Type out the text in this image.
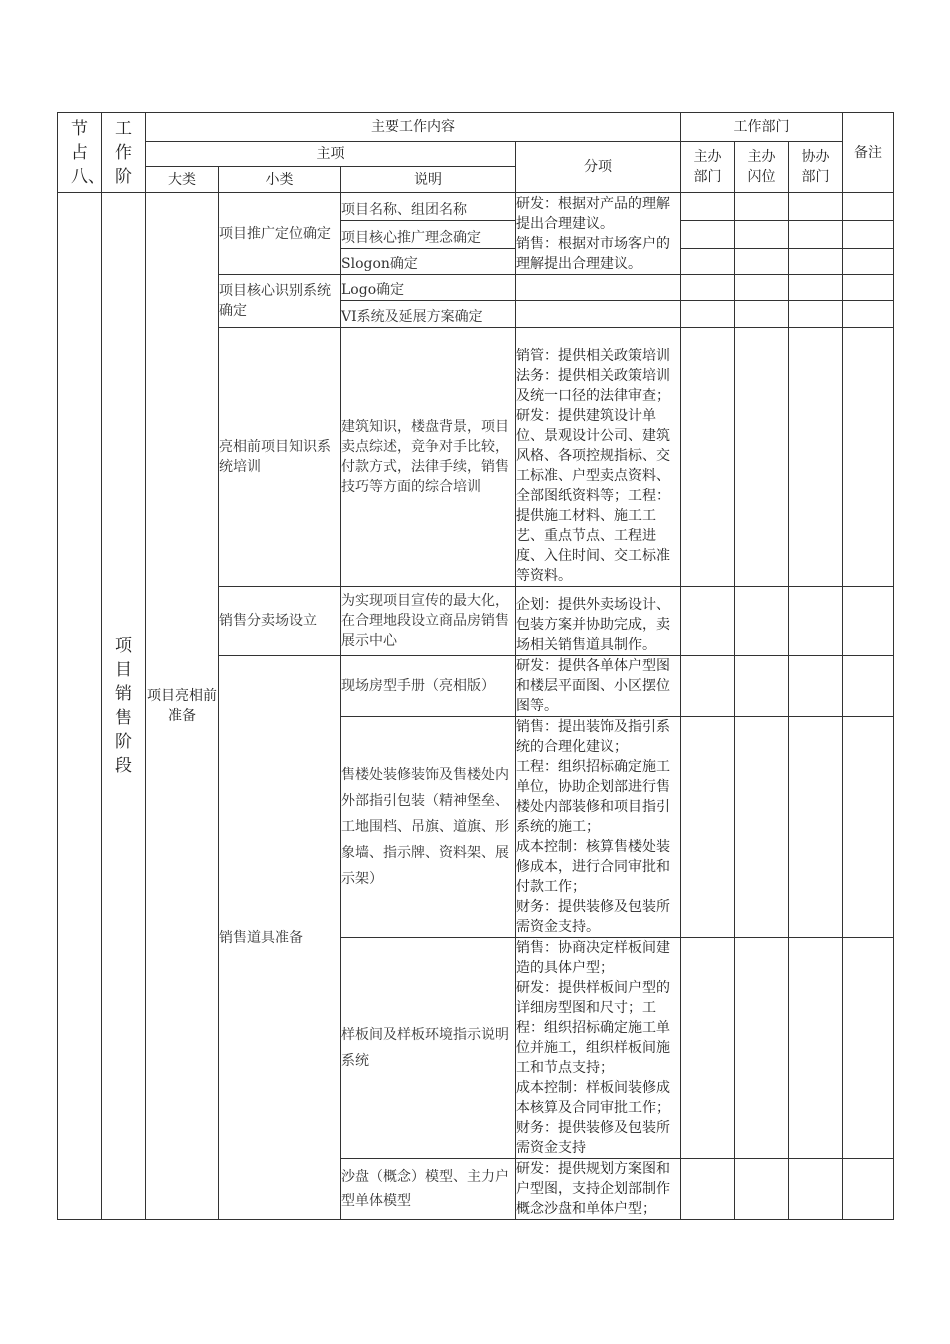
节占八、	工作阶	主要工作内容				工作部门			备注
		主项			分项	主办部门	主办闪位	协办部门	
		大类	小类	说明					

	项目销售阶段	项目亮相前准备	项目推广定位确定	项目名称、组团名称	研发：根据对产品的理解提出合理建议。
销售：根据对市场客户的理解提出合理建议。				
				项目核心推广理念确定					
				Slogon确定					
			项目核心识别系统确定	Logo确定					
				VI系统及延展方案确定					
			亮相前项目知识系统培训	建筑知识，楼盘背景，项目卖点综述，竞争对手比较，付款方式，法律手续，销售技巧等方面的综合培训	销管：提供相关政策培训法务：提供相关政策培训及统一口径的法律审查；研发：提供建筑设计单位、景观设计公司、建筑风格、各项控规指标、交工标准、户型卖点资料、全部图纸资料等；工程：提供施工材料、施工工艺、重点节点、工程进度、入住时间、交工标准等资料。				
			销售分卖场设立	为实现项目宣传的最大化，在合理地段设立商品房销售展示中心	企划：提供外卖场设计、包装方案并协助完成，卖场相关销售道具制作。				
			销售道具准备	现场房型手册（亮相版）	研发：提供各单体户型图和楼层平面图、小区摆位图等。				
				售楼处装修装饰及售楼处内外部指引包装（精神堡垒、工地围档、吊旗、道旗、形象墙、指示牌、资料架、展示架）	销售：提出装饰及指引系统的合理化建议；
工程：组织招标确定施工单位，协助企划部进行售楼处内部装修和项目指引系统的施工；
成本控制：核算售楼处装修成本，进行合同审批和付款工作；
财务：提供装修及包装所需资金支持。				
				样板间及样板环境指示说明系统	销售：协商决定样板间建造的具体户型；
研发：提供样板间户型的详细房型图和尺寸；工程：组织招标确定施工单位并施工，组织样板间施工和节点支持；
成本控制：样板间装修成本核算及合同审批工作；财务：提供装修及包装所需资金支持				
				沙盘（概念）模型、主力户型单体模型	研发：提供规划方案图和户型图，支持企划部制作概念沙盘和单体户型；				
